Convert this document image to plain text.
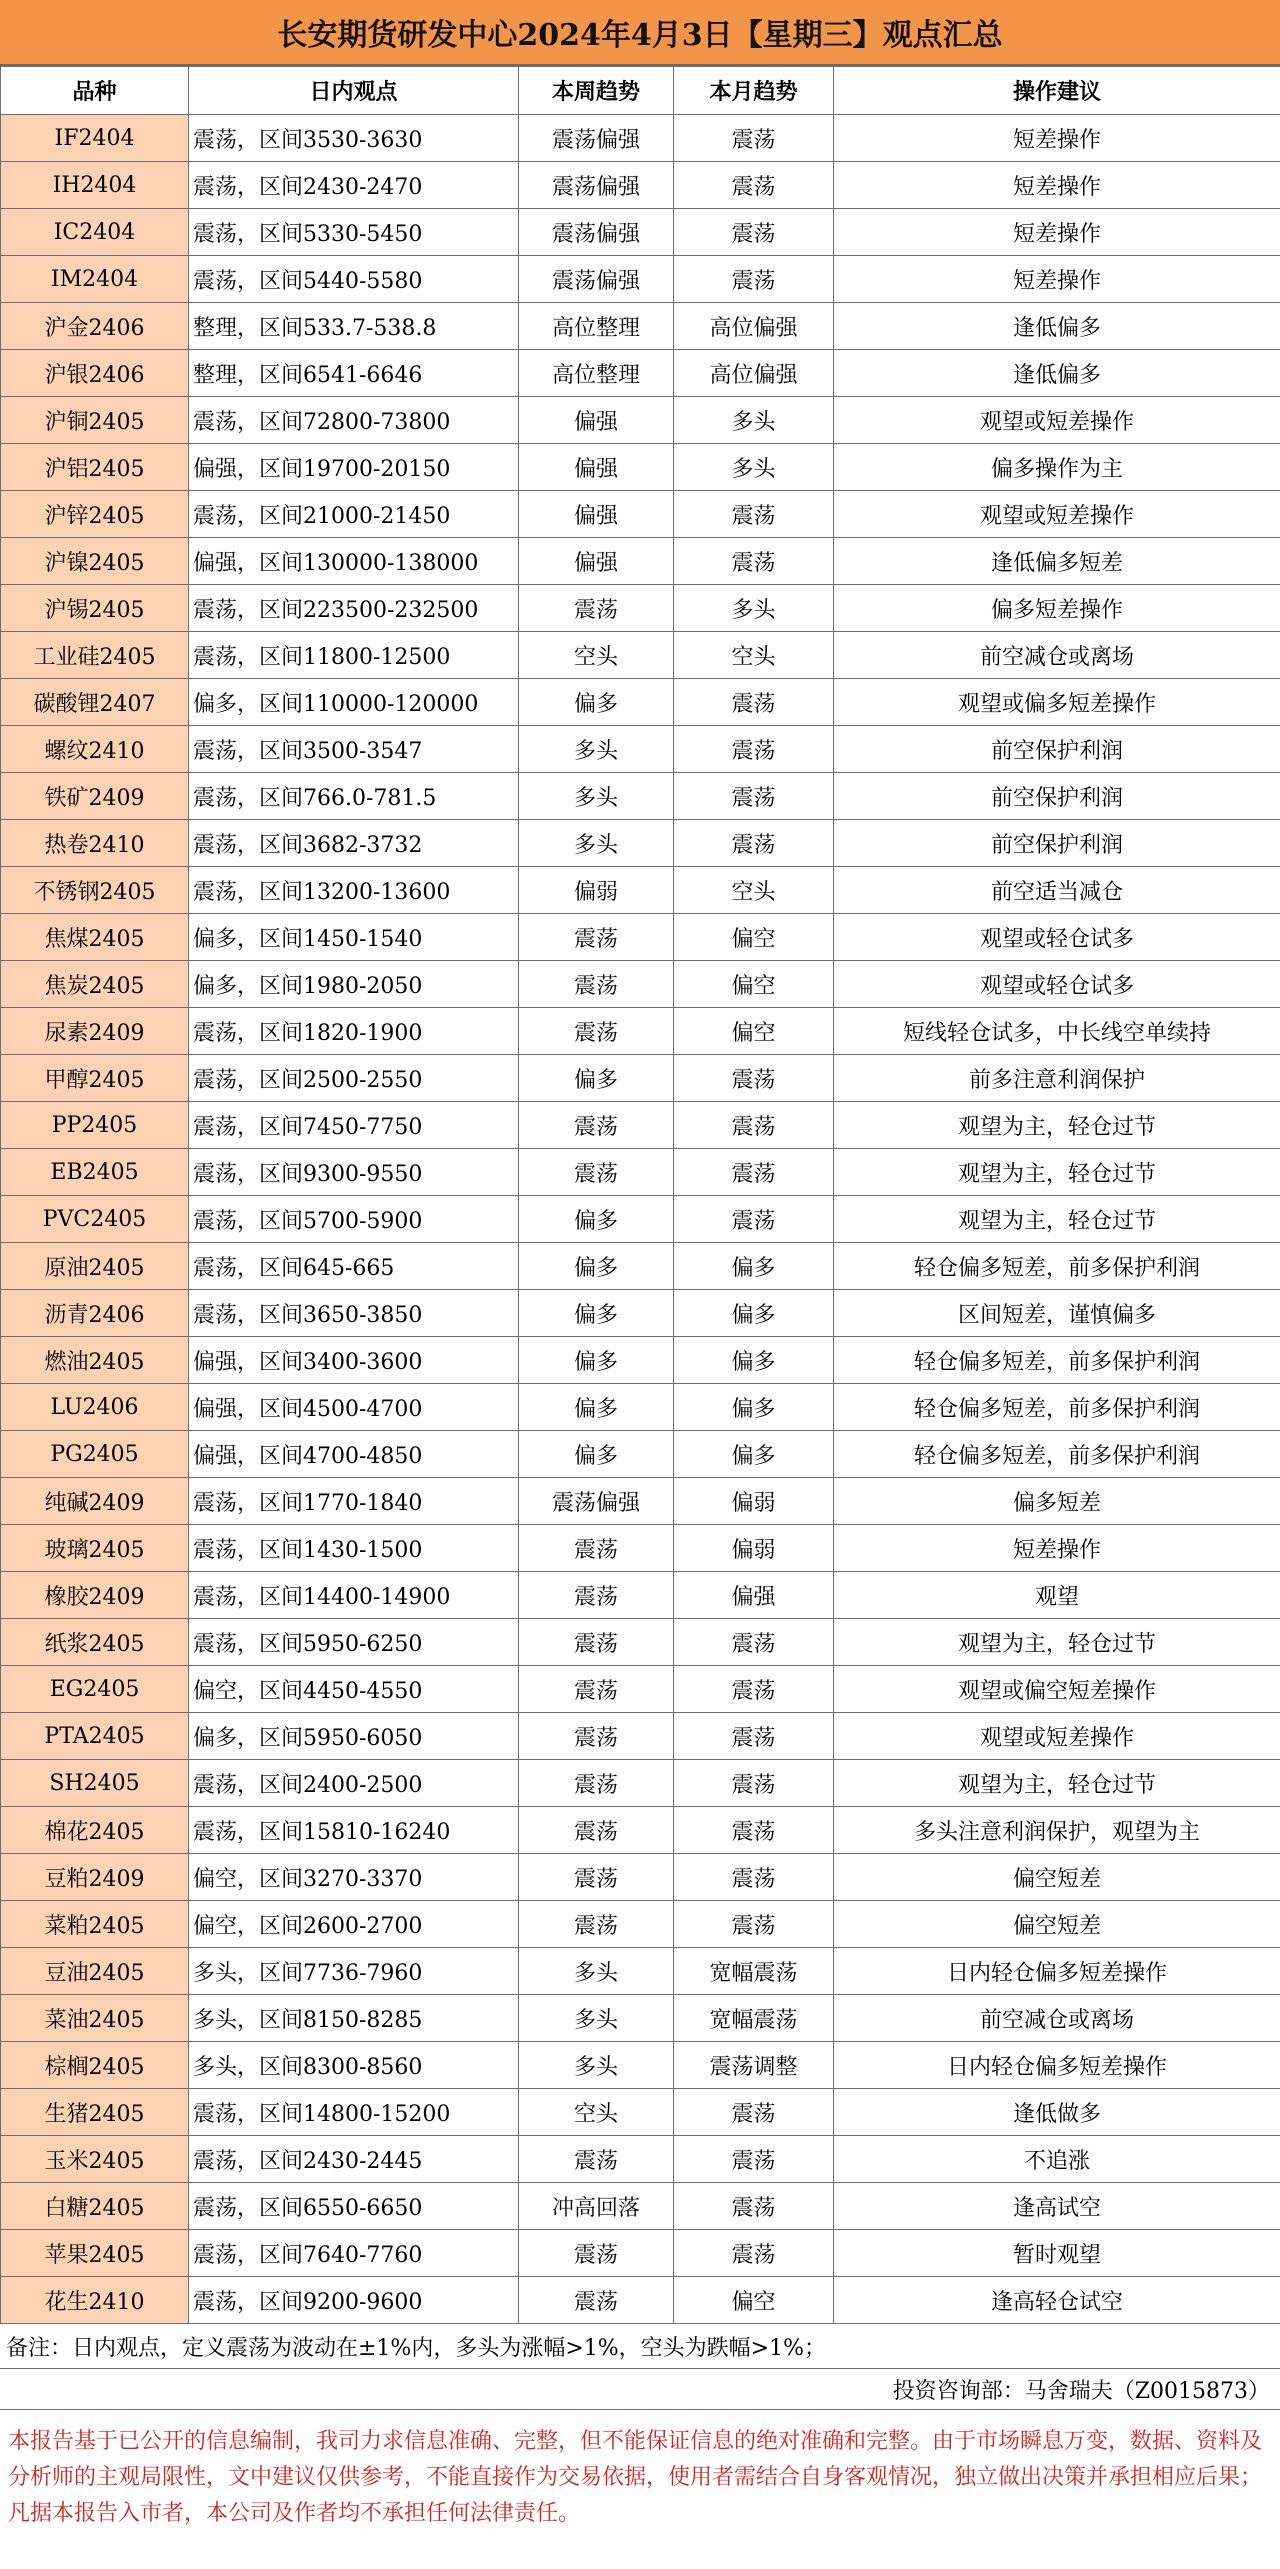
长安期货研发中心2024年4月3日【星期三】观点汇总
品种	日内观点	本周趋势	本月趋势	操作建议
IF2404	震荡，区间3530-3630	震荡偏强	震荡	短差操作
IH2404	震荡，区间2430-2470	震荡偏强	震荡	短差操作
IC2404	震荡，区间5330-5450	震荡偏强	震荡	短差操作
IM2404	震荡，区间5440-5580	震荡偏强	震荡	短差操作
沪金2406	整理，区间533.7-538.8	高位整理	高位偏强	逢低偏多
沪银2406	整理，区间6541-6646	高位整理	高位偏强	逢低偏多
沪铜2405	震荡，区间72800-73800	偏强	多头	观望或短差操作
沪铝2405	偏强，区间19700-20150	偏强	多头	偏多操作为主
沪锌2405	震荡，区间21000-21450	偏强	震荡	观望或短差操作
沪镍2405	偏强，区间130000-138000	偏强	震荡	逢低偏多短差
沪锡2405	震荡，区间223500-232500	震荡	多头	偏多短差操作
工业硅2405	震荡，区间11800-12500	空头	空头	前空减仓或离场
碳酸锂2407	偏多，区间110000-120000	偏多	震荡	观望或偏多短差操作
螺纹2410	震荡，区间3500-3547	多头	震荡	前空保护利润
铁矿2409	震荡，区间766.0-781.5	多头	震荡	前空保护利润
热卷2410	震荡，区间3682-3732	多头	震荡	前空保护利润
不锈钢2405	震荡，区间13200-13600	偏弱	空头	前空适当减仓
焦煤2405	偏多，区间1450-1540	震荡	偏空	观望或轻仓试多
焦炭2405	偏多，区间1980-2050	震荡	偏空	观望或轻仓试多
尿素2409	震荡，区间1820-1900	震荡	偏空	短线轻仓试多，中长线空单续持
甲醇2405	震荡，区间2500-2550	偏多	震荡	前多注意利润保护
PP2405	震荡，区间7450-7750	震荡	震荡	观望为主，轻仓过节
EB2405	震荡，区间9300-9550	震荡	震荡	观望为主，轻仓过节
PVC2405	震荡，区间5700-5900	偏多	震荡	观望为主，轻仓过节
原油2405	震荡，区间645-665	偏多	偏多	轻仓偏多短差，前多保护利润
沥青2406	震荡，区间3650-3850	偏多	偏多	区间短差，谨慎偏多
燃油2405	偏强，区间3400-3600	偏多	偏多	轻仓偏多短差，前多保护利润
LU2406	偏强，区间4500-4700	偏多	偏多	轻仓偏多短差，前多保护利润
PG2405	偏强，区间4700-4850	偏多	偏多	轻仓偏多短差，前多保护利润
纯碱2409	震荡，区间1770-1840	震荡偏强	偏弱	偏多短差
玻璃2405	震荡，区间1430-1500	震荡	偏弱	短差操作
橡胶2409	震荡，区间14400-14900	震荡	偏强	观望
纸浆2405	震荡，区间5950-6250	震荡	震荡	观望为主，轻仓过节
EG2405	偏空，区间4450-4550	震荡	震荡	观望或偏空短差操作
PTA2405	偏多，区间5950-6050	震荡	震荡	观望或短差操作
SH2405	震荡，区间2400-2500	震荡	震荡	观望为主，轻仓过节
棉花2405	震荡，区间15810-16240	震荡	震荡	多头注意利润保护，观望为主
豆粕2409	偏空，区间3270-3370	震荡	震荡	偏空短差
菜粕2405	偏空，区间2600-2700	震荡	震荡	偏空短差
豆油2405	多头，区间7736-7960	多头	宽幅震荡	日内轻仓偏多短差操作
菜油2405	多头，区间8150-8285	多头	宽幅震荡	前空减仓或离场
棕榈2405	多头，区间8300-8560	多头	震荡调整	日内轻仓偏多短差操作
生猪2405	震荡，区间14800-15200	空头	震荡	逢低做多
玉米2405	震荡，区间2430-2445	震荡	震荡	不追涨
白糖2405	震荡，区间6550-6650	冲高回落	震荡	逢高试空
苹果2405	震荡，区间7640-7760	震荡	震荡	暂时观望
花生2410	震荡，区间9200-9600	震荡	偏空	逢高轻仓试空
备注：日内观点，定义震荡为波动在±1%内，多头为涨幅>1%，空头为跌幅>1%；
投资咨询部：马舍瑞夫（Z0015873）
本报告基于已公开的信息编制，我司力求信息准确、完整，但不能保证信息的绝对准确和完整。由于市场瞬息万变，数据、资料及分析师的主观局限性，文中建议仅供参考，不能直接作为交易依据，使用者需结合自身客观情况，独立做出决策并承担相应后果；凡据本报告入市者，本公司及作者均不承担任何法律责任。
